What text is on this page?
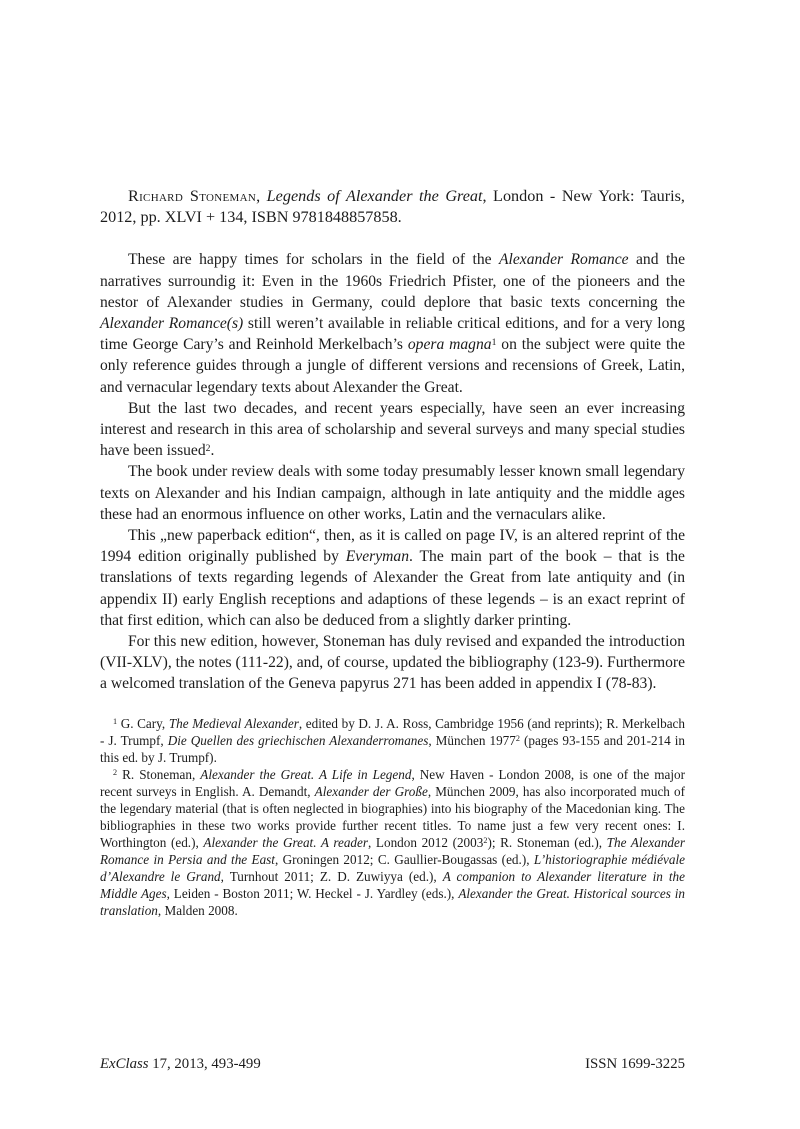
Richard Stoneman, Legends of Alexander the Great, London - New York: Tauris, 2012, pp. XLVI + 134, ISBN 9781848857858.

These are happy times for scholars in the field of the Alexander Romance and the narratives surroundig it: Even in the 1960s Friedrich Pfister, one of the pioneers and the nestor of Alexander studies in Germany, could deplore that basic texts concerning the Alexander Romance(s) still weren’t available in reliable critical editions, and for a very long time George Cary’s and Reinhold Merkelbach’s opera magna$^1$ on the subject were quite the only reference guides through a jungle of different versions and recensions of Greek, Latin, and vernacular legendary texts about Alexander the Great.

But the last two decades, and recent years especially, have seen an ever increasing interest and research in this area of scholarship and several surveys and many special studies have been issued$^2$.

The book under review deals with some today presumably lesser known small legendary texts on Alexander and his Indian campaign, although in late antiquity and the middle ages these had an enormous influence on other works, Latin and the vernaculars alike.

This „new paperback edition“, then, as it is called on page IV, is an altered reprint of the 1994 edition originally published by Everyman. The main part of the book – that is the translations of texts regarding legends of Alexander the Great from late antiquity and (in appendix II) early English receptions and adaptions of these legends – is an exact reprint of that first edition, which can also be deduced from a slightly darker printing.

For this new edition, however, Stoneman has duly revised and expanded the introduction (VII-XLV), the notes (111-22), and, of course, updated the bibliography (123-9). Furthermore a welcomed translation of the Geneva papyrus 271 has been added in appendix I (78-83).

$^1$ G. Cary, The Medieval Alexander, edited by D. J. A. Ross, Cambridge 1956 (and reprints); R. Merkelbach - J. Trumpf, Die Quellen des griechischen Alexanderromanes, München 1977$^2$ (pages 93-155 and 201-214 in this ed. by J. Trumpf).

$^2$ R. Stoneman, Alexander the Great. A Life in Legend, New Haven - London 2008, is one of the major recent surveys in English. A. Demandt, Alexander der Große, München 2009, has also incorporated much of the legendary material (that is often neglected in biographies) into his biography of the Macedonian king. The bibliographies in these two works provide further recent titles. To name just a few very recent ones: I. Worthington (ed.), Alexander the Great. A reader, London 2012 (2003$^2$); R. Stoneman (ed.), The Alexander Romance in Persia and the East, Groningen 2012; C. Gaullier-Bougassas (ed.), L’historiographie médiévale d’Alexandre le Grand, Turnhout 2011; Z. D. Zuwiyya (ed.), A companion to Alexander literature in the Middle Ages, Leiden - Boston 2011; W. Heckel - J. Yardley (eds.), Alexander the Great. Historical sources in translation, Malden 2008.

ExClass 17, 2013, 493-499	ISSN 1699-3225
